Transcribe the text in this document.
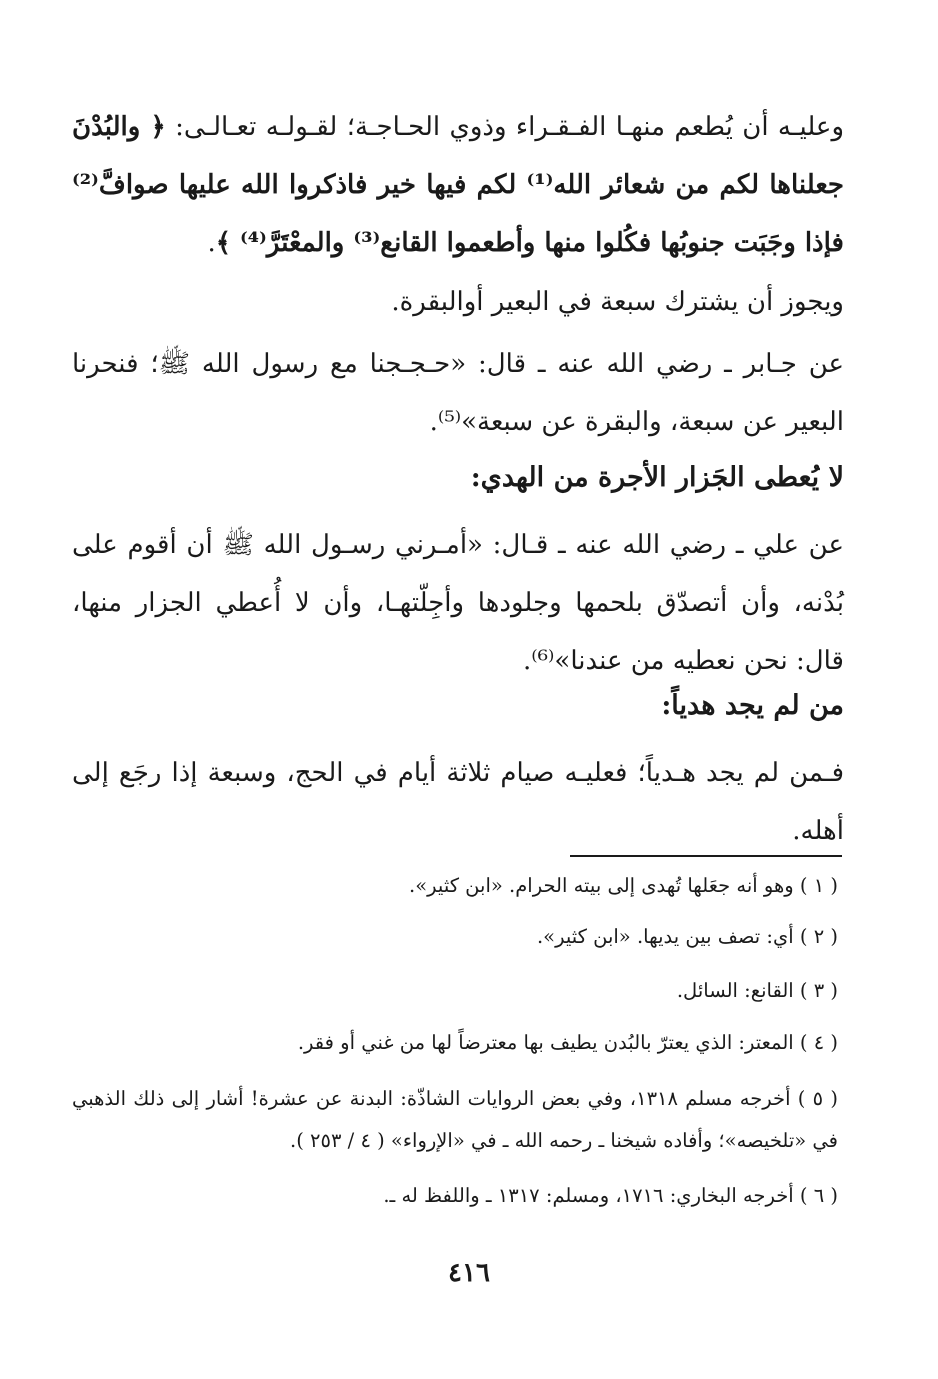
وعليـه أن يُطعم منهـا الفـقـراء وذوي الحـاجـة؛ لقـولـه تعـالـى: ﴿ والبُدْنَ جعلناها لكم من شعائر الله⁽¹⁾ لكم فيها خير فاذكروا الله عليها صوافَّ⁽²⁾ فإذا وجَبَت جنوبُها فكُلوا منها وأطعموا القانع⁽³⁾ والمعْتَرَّ⁽⁴⁾ ﴾.

ويجوز أن يشترك سبعة في البعير أوالبقرة.

عن جـابر ـ رضي الله عنه ـ قال: «حـجـجنا مع رسول الله ﷺ؛ فنحرنا البعير عن سبعة، والبقرة عن سبعة»⁽⁵⁾.

لا يُعطى الجَزار الأجرة من الهدي:

عن علي ـ رضي الله عنه ـ قـال: «أمـرني رسـول الله ﷺ أن أقوم على بُدْنه، وأن أتصدّق بلحمها وجلودها وأجِلّتهـا، وأن لا أُعطي الجزار منها، قال: نحن نعطيه من عندنا»⁽⁶⁾.

من لم يجد هدياً:

فـمن لم يجد هـدياً؛ فعليـه صيام ثلاثة أيام في الحج، وسبعة إذا رجَع إلى أهله.

( ١ ) وهو أنه جعَلها تُهدى إلى بيته الحرام. «ابن كثير».

( ٢ ) أي: تصف بين يديها. «ابن كثير».

( ٣ ) القانع: السائل.

( ٤ ) المعتر: الذي يعترّ بالبُدن يطيف بها معترضاً لها من غني أو فقر.

( ٥ ) أخرجه مسلم ١٣١٨، وفي بعض الروايات الشاذّة: البدنة عن عشرة! أشار إلى ذلك الذهبي في «تلخيصه»؛ وأفاده شيخنا ـ رحمه الله ـ في «الإرواء» ( ٤ / ٢٥٣ ).

( ٦ ) أخرجه البخاري: ١٧١٦، ومسلم: ١٣١٧ ـ واللفظ له ـ.

٤١٦
